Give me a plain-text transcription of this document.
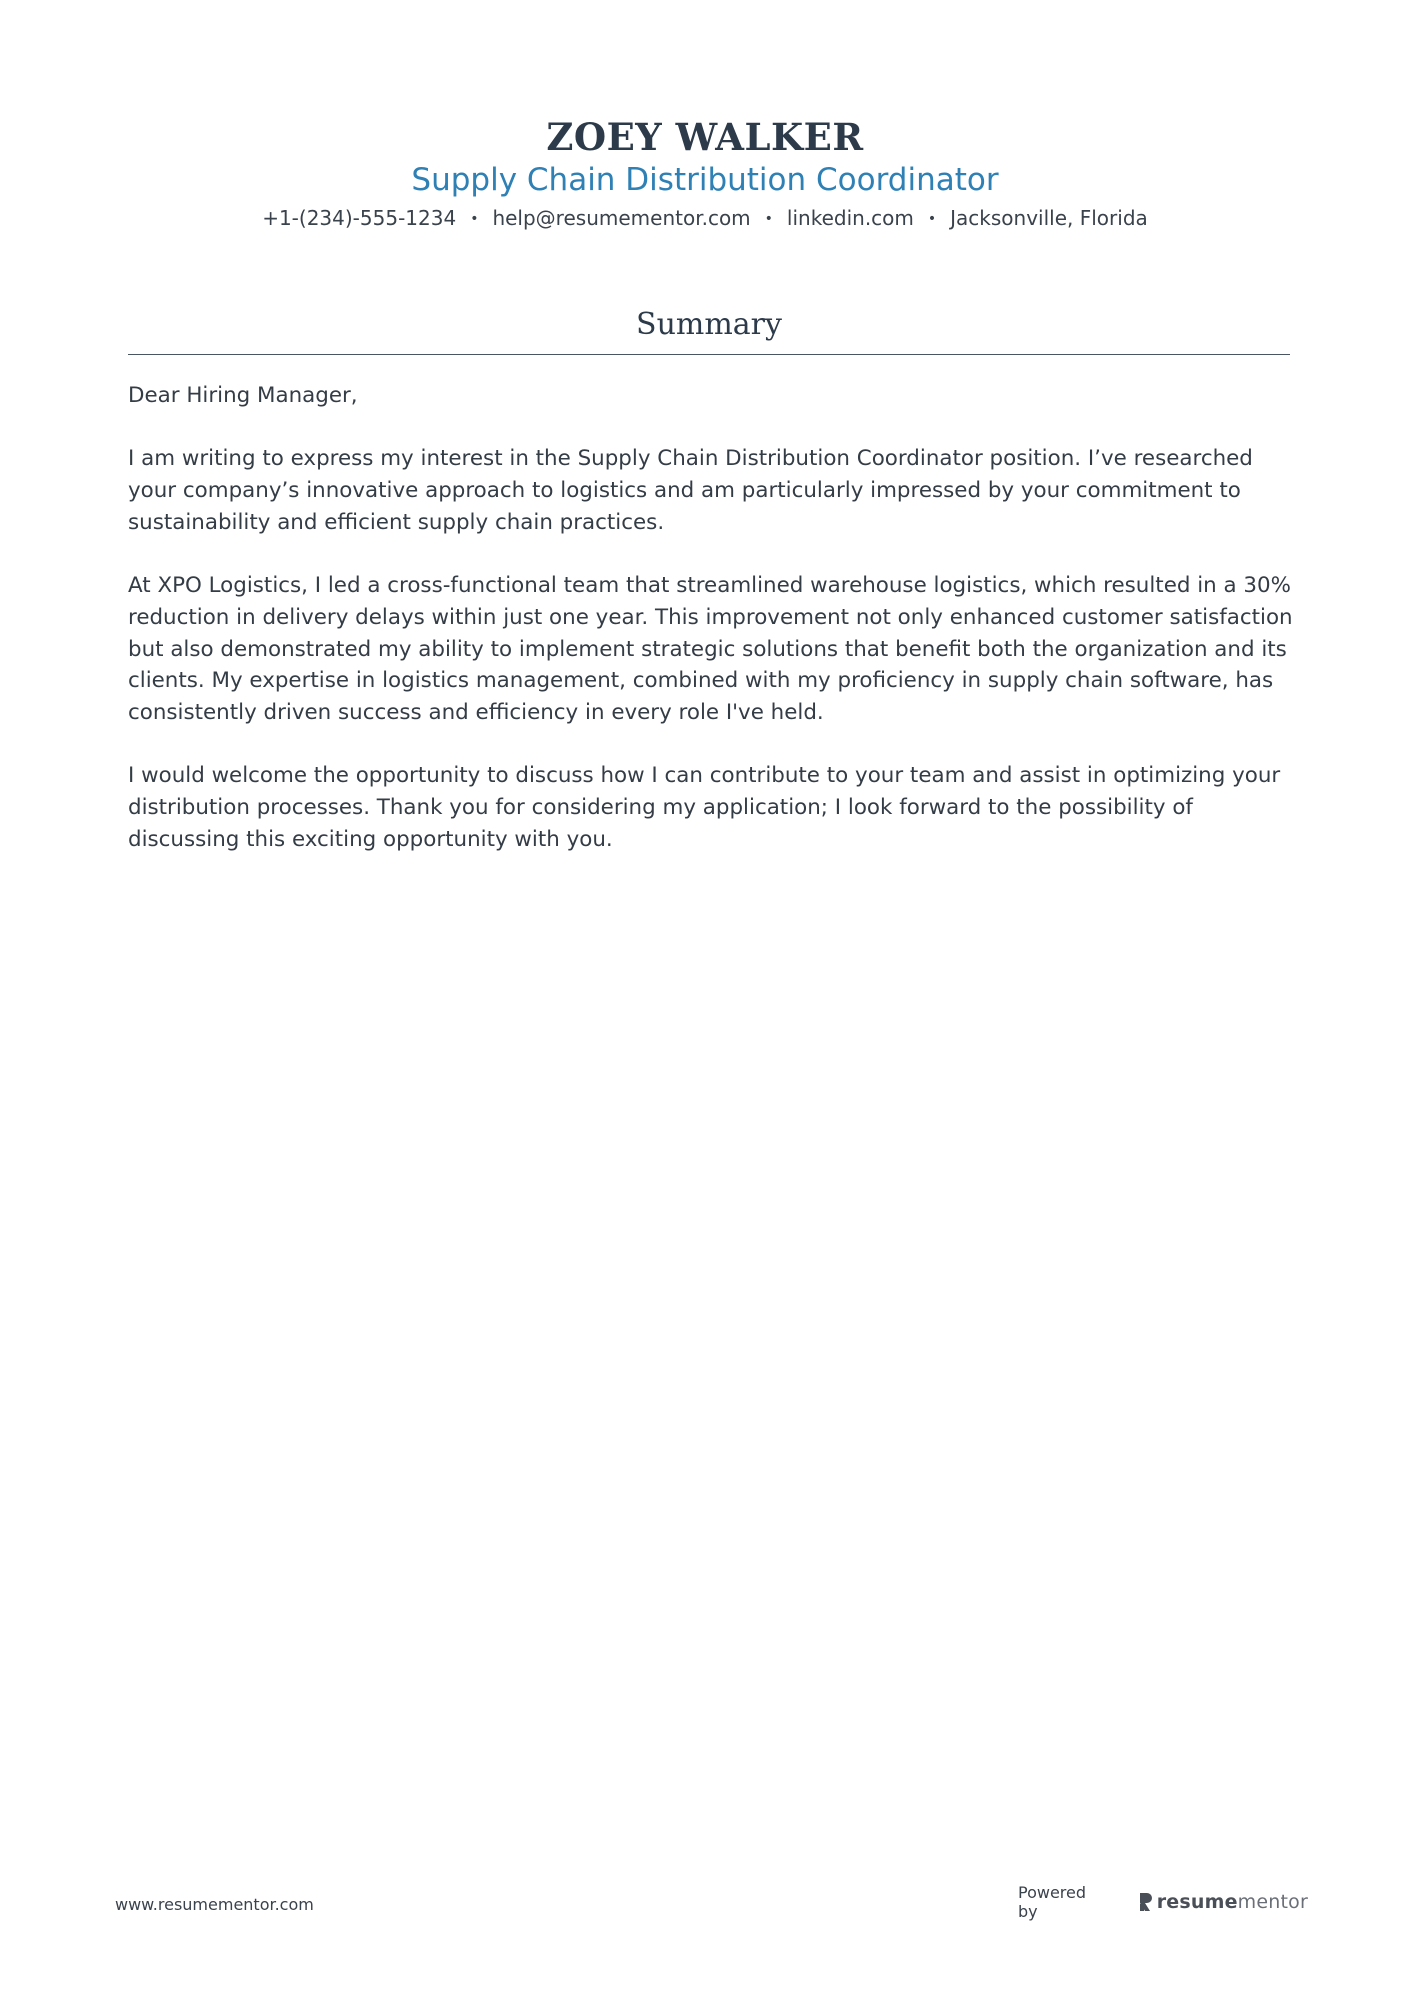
ZOEY WALKER
Supply Chain Distribution Coordinator
+1-(234)-555-1234 • help@resumementor.com • linkedin.com • Jacksonville, Florida
Summary

Dear Hiring Manager,

I am writing to express my interest in the Supply Chain Distribution Coordinator position. I’ve researched your company’s innovative approach to logistics and am particularly impressed by your commitment to sustainability and efficient supply chain practices.

At XPO Logistics, I led a cross-functional team that streamlined warehouse logistics, which resulted in a 30% reduction in delivery delays within just one year. This improvement not only enhanced customer satisfaction but also demonstrated my ability to implement strategic solutions that benefit both the organization and its clients. My expertise in logistics management, combined with my proficiency in supply chain software, has consistently driven success and efficiency in every role I've held.

I would welcome the opportunity to discuss how I can contribute to your team and assist in optimizing your distribution processes. Thank you for considering my application; I look forward to the possibility of discussing this exciting opportunity with you.

www.resumementor.com
Powered by	resumementor
